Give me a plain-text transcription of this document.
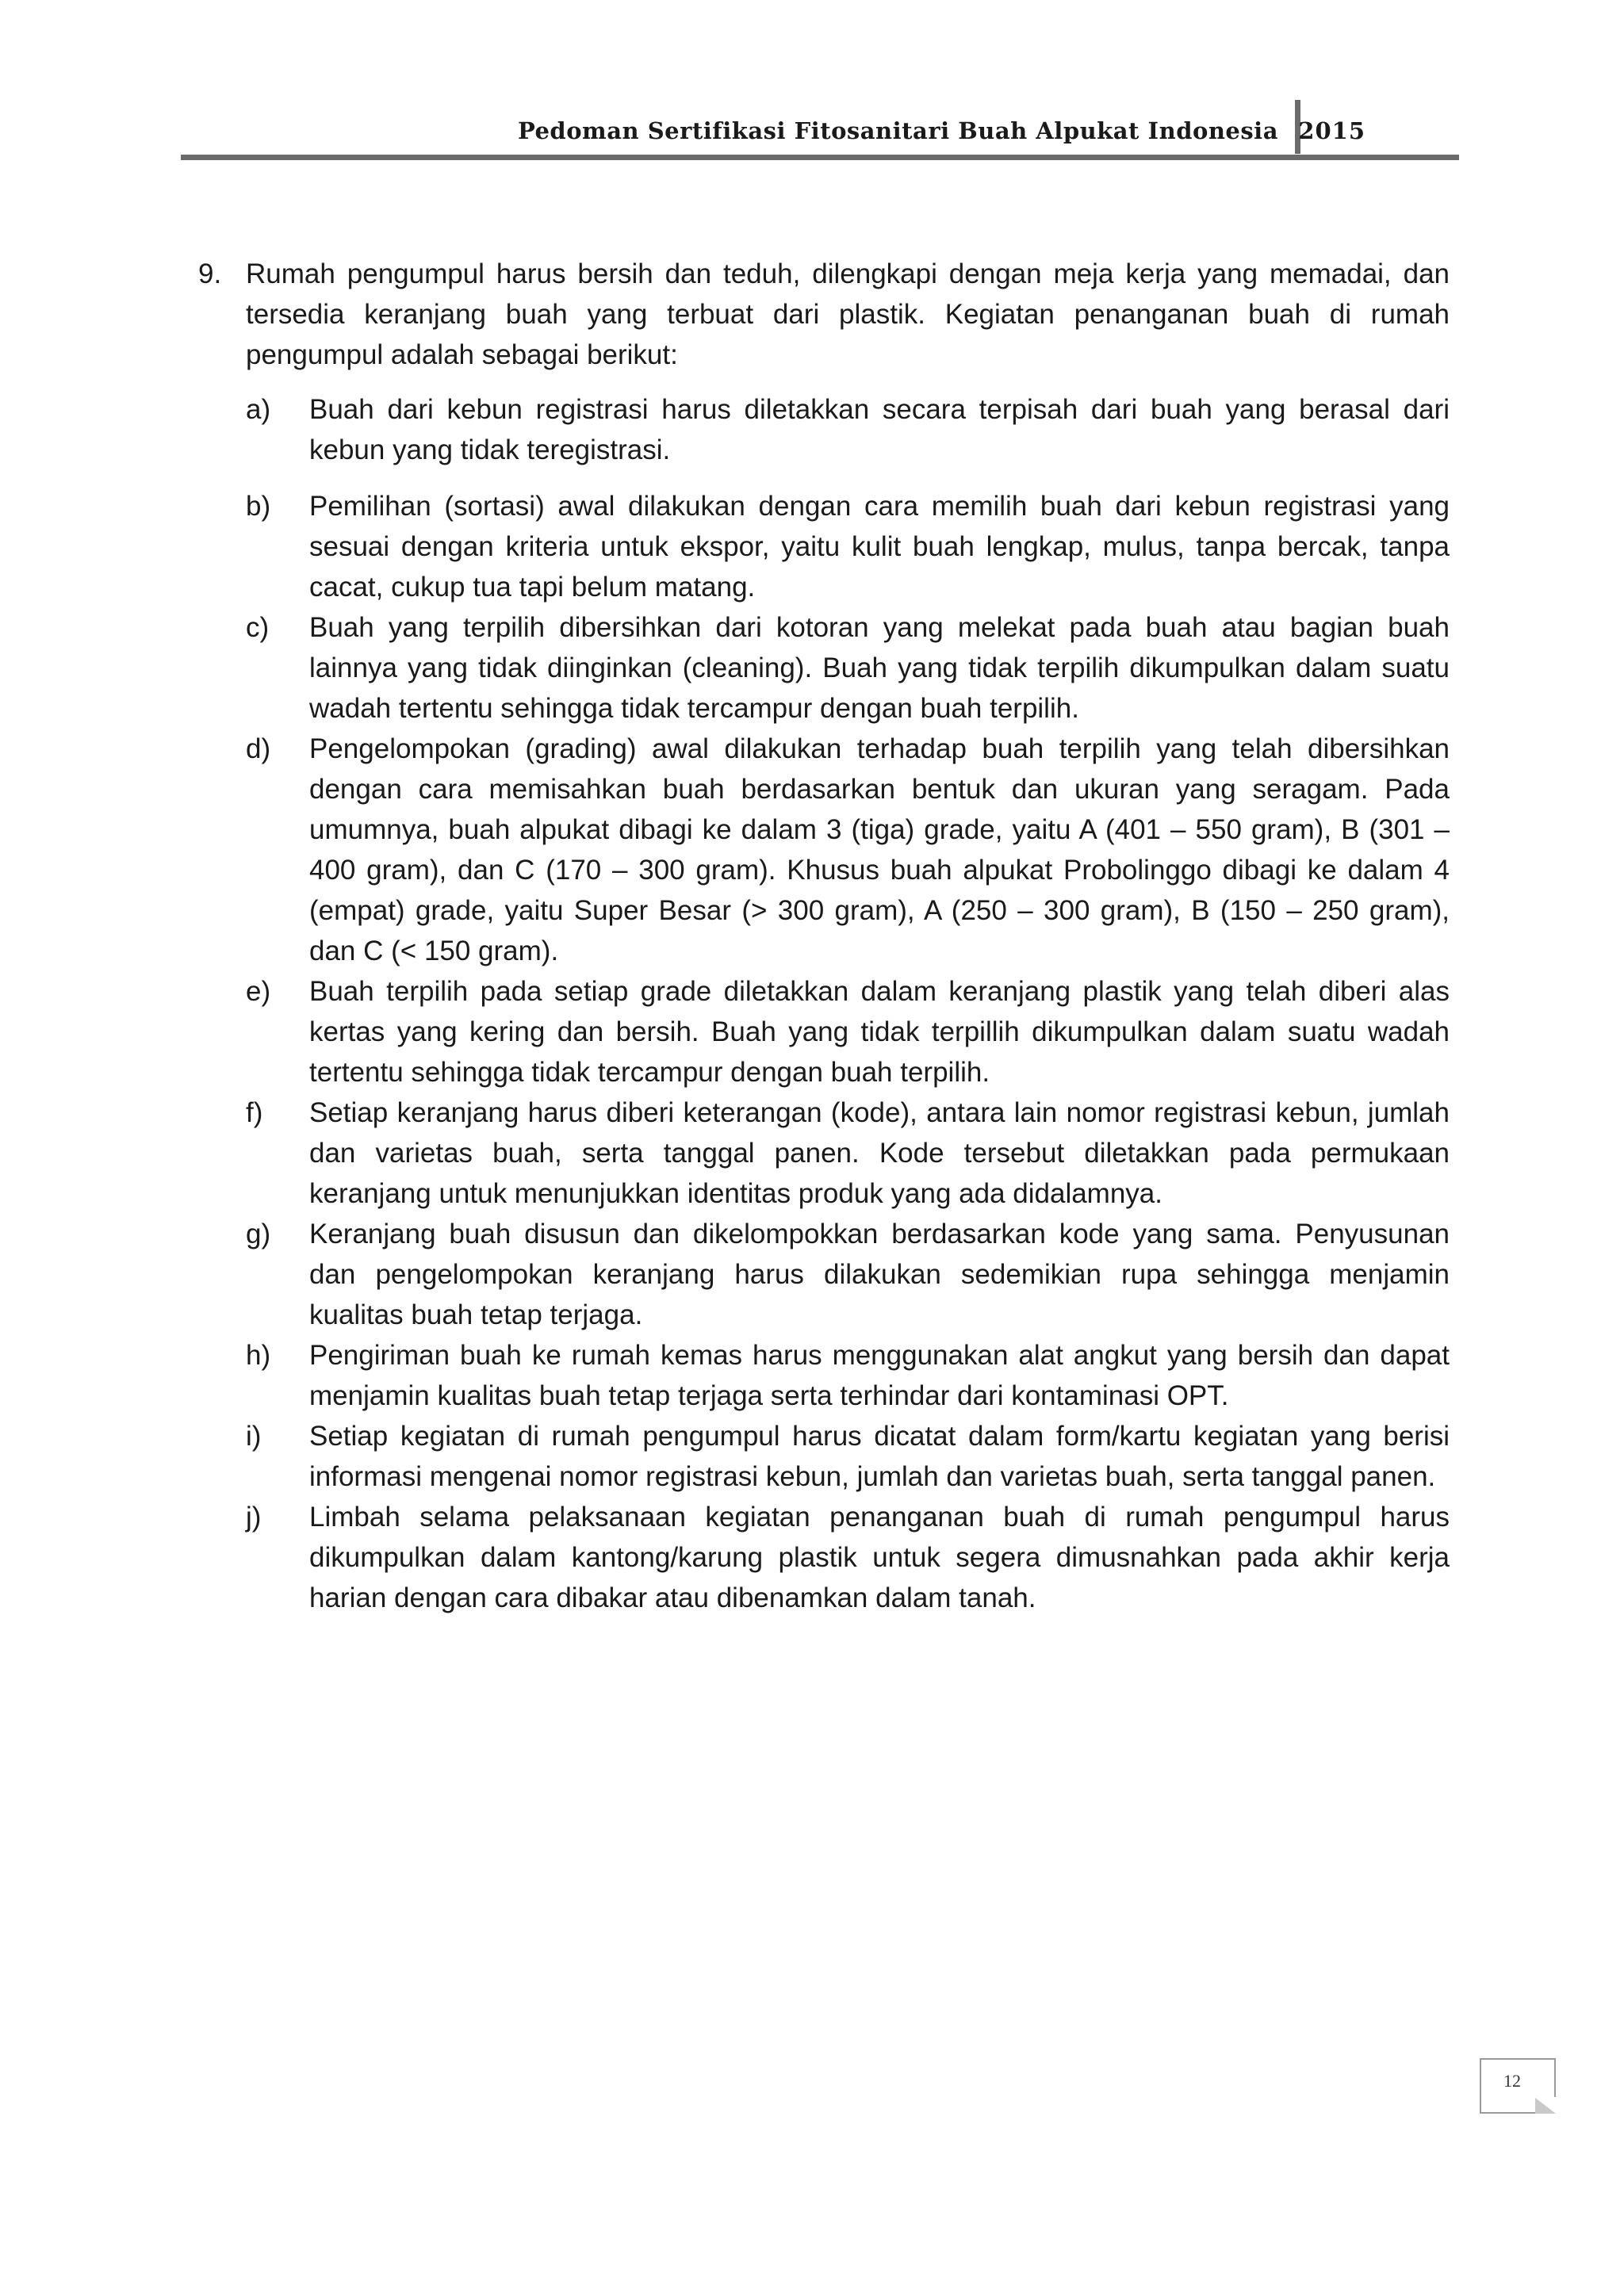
Pedoman Sertifikasi Fitosanitari Buah Alpukat Indonesia 2015
9. Rumah pengumpul harus bersih dan teduh, dilengkapi dengan meja kerja yang memadai, dan tersedia keranjang buah yang terbuat dari plastik. Kegiatan penanganan buah di rumah pengumpul adalah sebagai berikut:
a)	Buah dari kebun registrasi harus diletakkan secara terpisah dari buah yang berasal dari kebun yang tidak teregistrasi.
b)	Pemilihan (sortasi) awal dilakukan dengan cara memilih buah dari kebun registrasi yang sesuai dengan kriteria untuk ekspor, yaitu kulit buah lengkap, mulus, tanpa bercak, tanpa cacat, cukup tua tapi belum matang.
c)	Buah yang terpilih dibersihkan dari kotoran yang melekat pada buah atau bagian buah lainnya yang tidak diinginkan (cleaning). Buah yang tidak terpilih dikumpulkan dalam suatu wadah tertentu sehingga tidak tercampur dengan buah terpilih.
d)	Pengelompokan (grading) awal dilakukan terhadap buah terpilih yang telah dibersihkan dengan cara memisahkan buah berdasarkan bentuk dan ukuran yang seragam. Pada umumnya, buah alpukat dibagi ke dalam 3 (tiga) grade, yaitu A (401 – 550 gram), B (301 – 400 gram), dan C (170 – 300 gram). Khusus buah alpukat Probolinggo dibagi ke dalam 4 (empat) grade, yaitu Super Besar (> 300 gram), A (250 – 300 gram), B (150 – 250 gram), dan C (< 150 gram).
e)	Buah terpilih pada setiap grade diletakkan dalam keranjang plastik yang telah diberi alas kertas yang kering dan bersih. Buah yang tidak terpillih dikumpulkan dalam suatu wadah tertentu sehingga tidak tercampur dengan buah terpilih.
f)	Setiap keranjang harus diberi keterangan (kode), antara lain nomor registrasi kebun, jumlah dan varietas buah, serta tanggal panen. Kode tersebut diletakkan pada permukaan keranjang untuk menunjukkan identitas produk yang ada didalamnya.
g)	Keranjang buah disusun dan dikelompokkan berdasarkan kode yang sama. Penyusunan dan pengelompokan keranjang harus dilakukan sedemikian rupa sehingga menjamin kualitas buah tetap terjaga.
h)	Pengiriman buah ke rumah kemas harus menggunakan alat angkut yang bersih dan dapat menjamin kualitas buah tetap terjaga serta terhindar dari kontaminasi OPT.
i)	Setiap kegiatan di rumah pengumpul harus dicatat dalam form/kartu kegiatan yang berisi informasi mengenai nomor registrasi kebun, jumlah dan varietas buah, serta tanggal panen.
j)	Limbah selama pelaksanaan kegiatan penanganan buah di rumah pengumpul harus dikumpulkan dalam kantong/karung plastik untuk segera dimusnahkan pada akhir kerja harian dengan cara dibakar atau dibenamkan dalam tanah.
12
